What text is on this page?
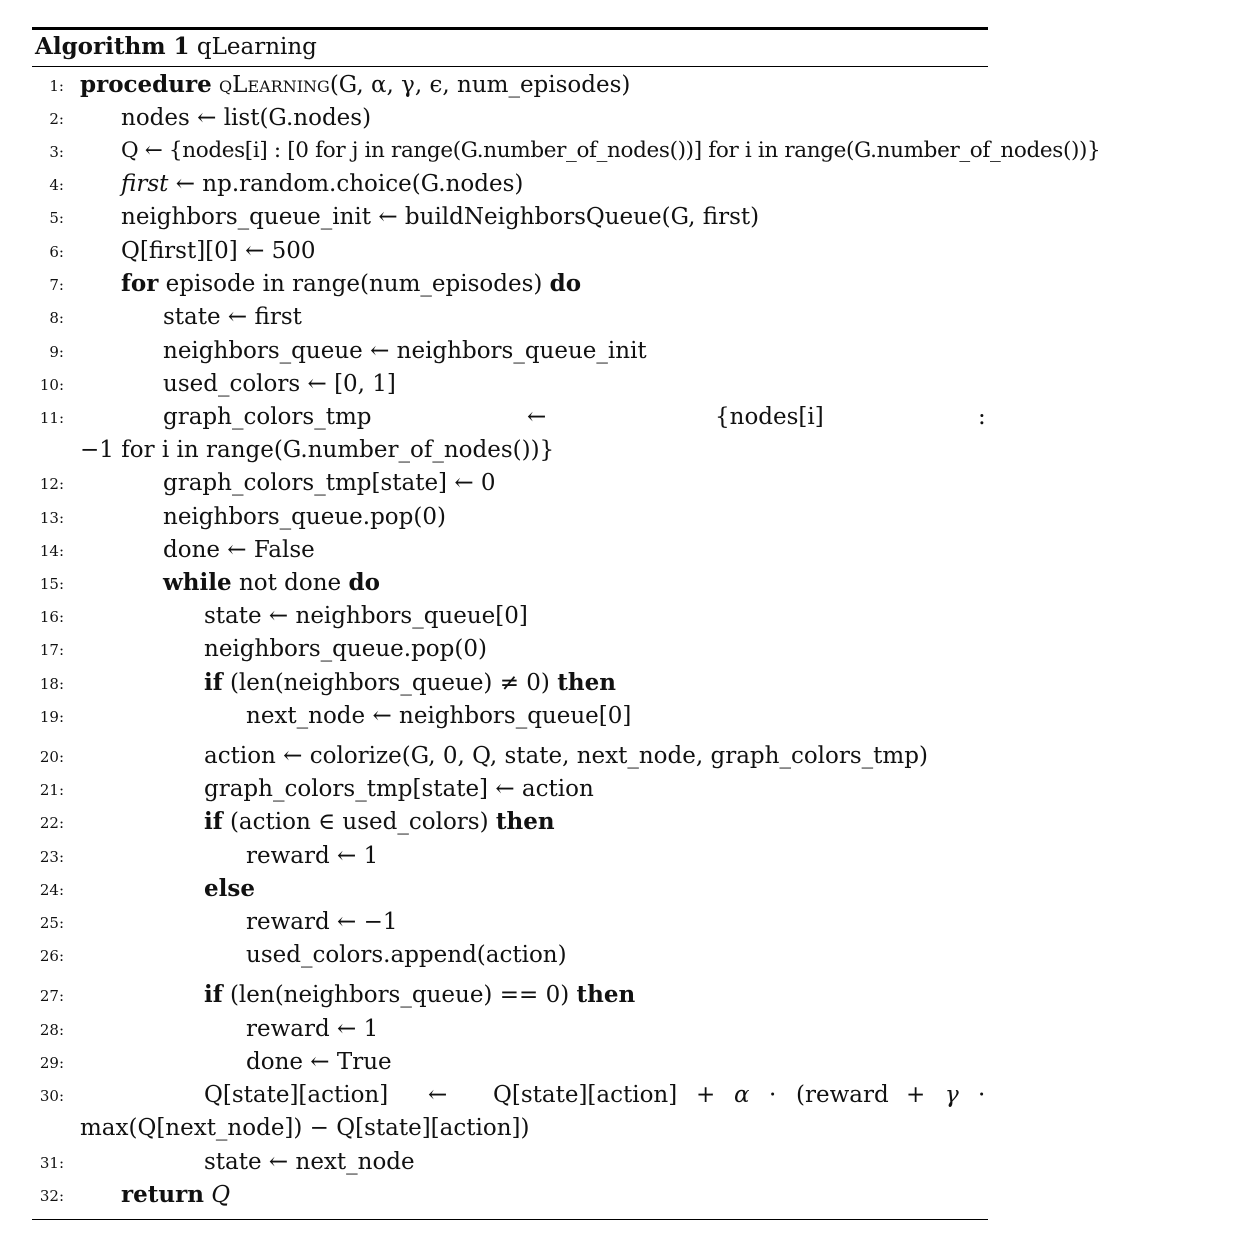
Algorithm 1 qLearning
1: procedure qLearning(G, α, γ, ϵ, num_episodes)
2: nodes ← list(G.nodes)
3:	Q ← {nodes[i] : [0 for j in range(G.number_of_nodes())] for i in range(G.number_of_nodes())}
4: first ← np.random.choice(G.nodes)
5: neighbors_queue_init ← buildNeighborsQueue(G, first)
6: Q[first][0] ← 500
7: for episode in range(num_episodes) do
8:	state ← first
9:	neighbors_queue ← neighbors_queue_init
10:	used_colors ← [0, 1]
11:	graph_colors_tmp	←	{nodes[i]	:
−1 for i in range(G.number_of_nodes())}
12:	graph_colors_tmp[state] ← 0
13:	neighbors_queue.pop(0)
14:	done ← False
15:	while not done do
16:	state ← neighbors_queue[0]
17:	neighbors_queue.pop(0)
18:	if (len(neighbors_queue) ≠ 0) then
19:	next_node ← neighbors_queue[0]
20:	action ← colorize(G, 0, Q, state, next_node, graph_colors_tmp)
21:	graph_colors_tmp[state] ← action
22:	if (action ∈ used_colors) then
23:	reward ← 1
24:	else
25:	reward ← −1
26:	used_colors.append(action)
27:	if (len(neighbors_queue) == 0) then
28:	reward ← 1
29:	done ← True
30:	Q[state][action] ← Q[state][action] + α · (reward + γ ·
max(Q[next_node]) − Q[state][action])
31:	state ← next_node
32: return Q
